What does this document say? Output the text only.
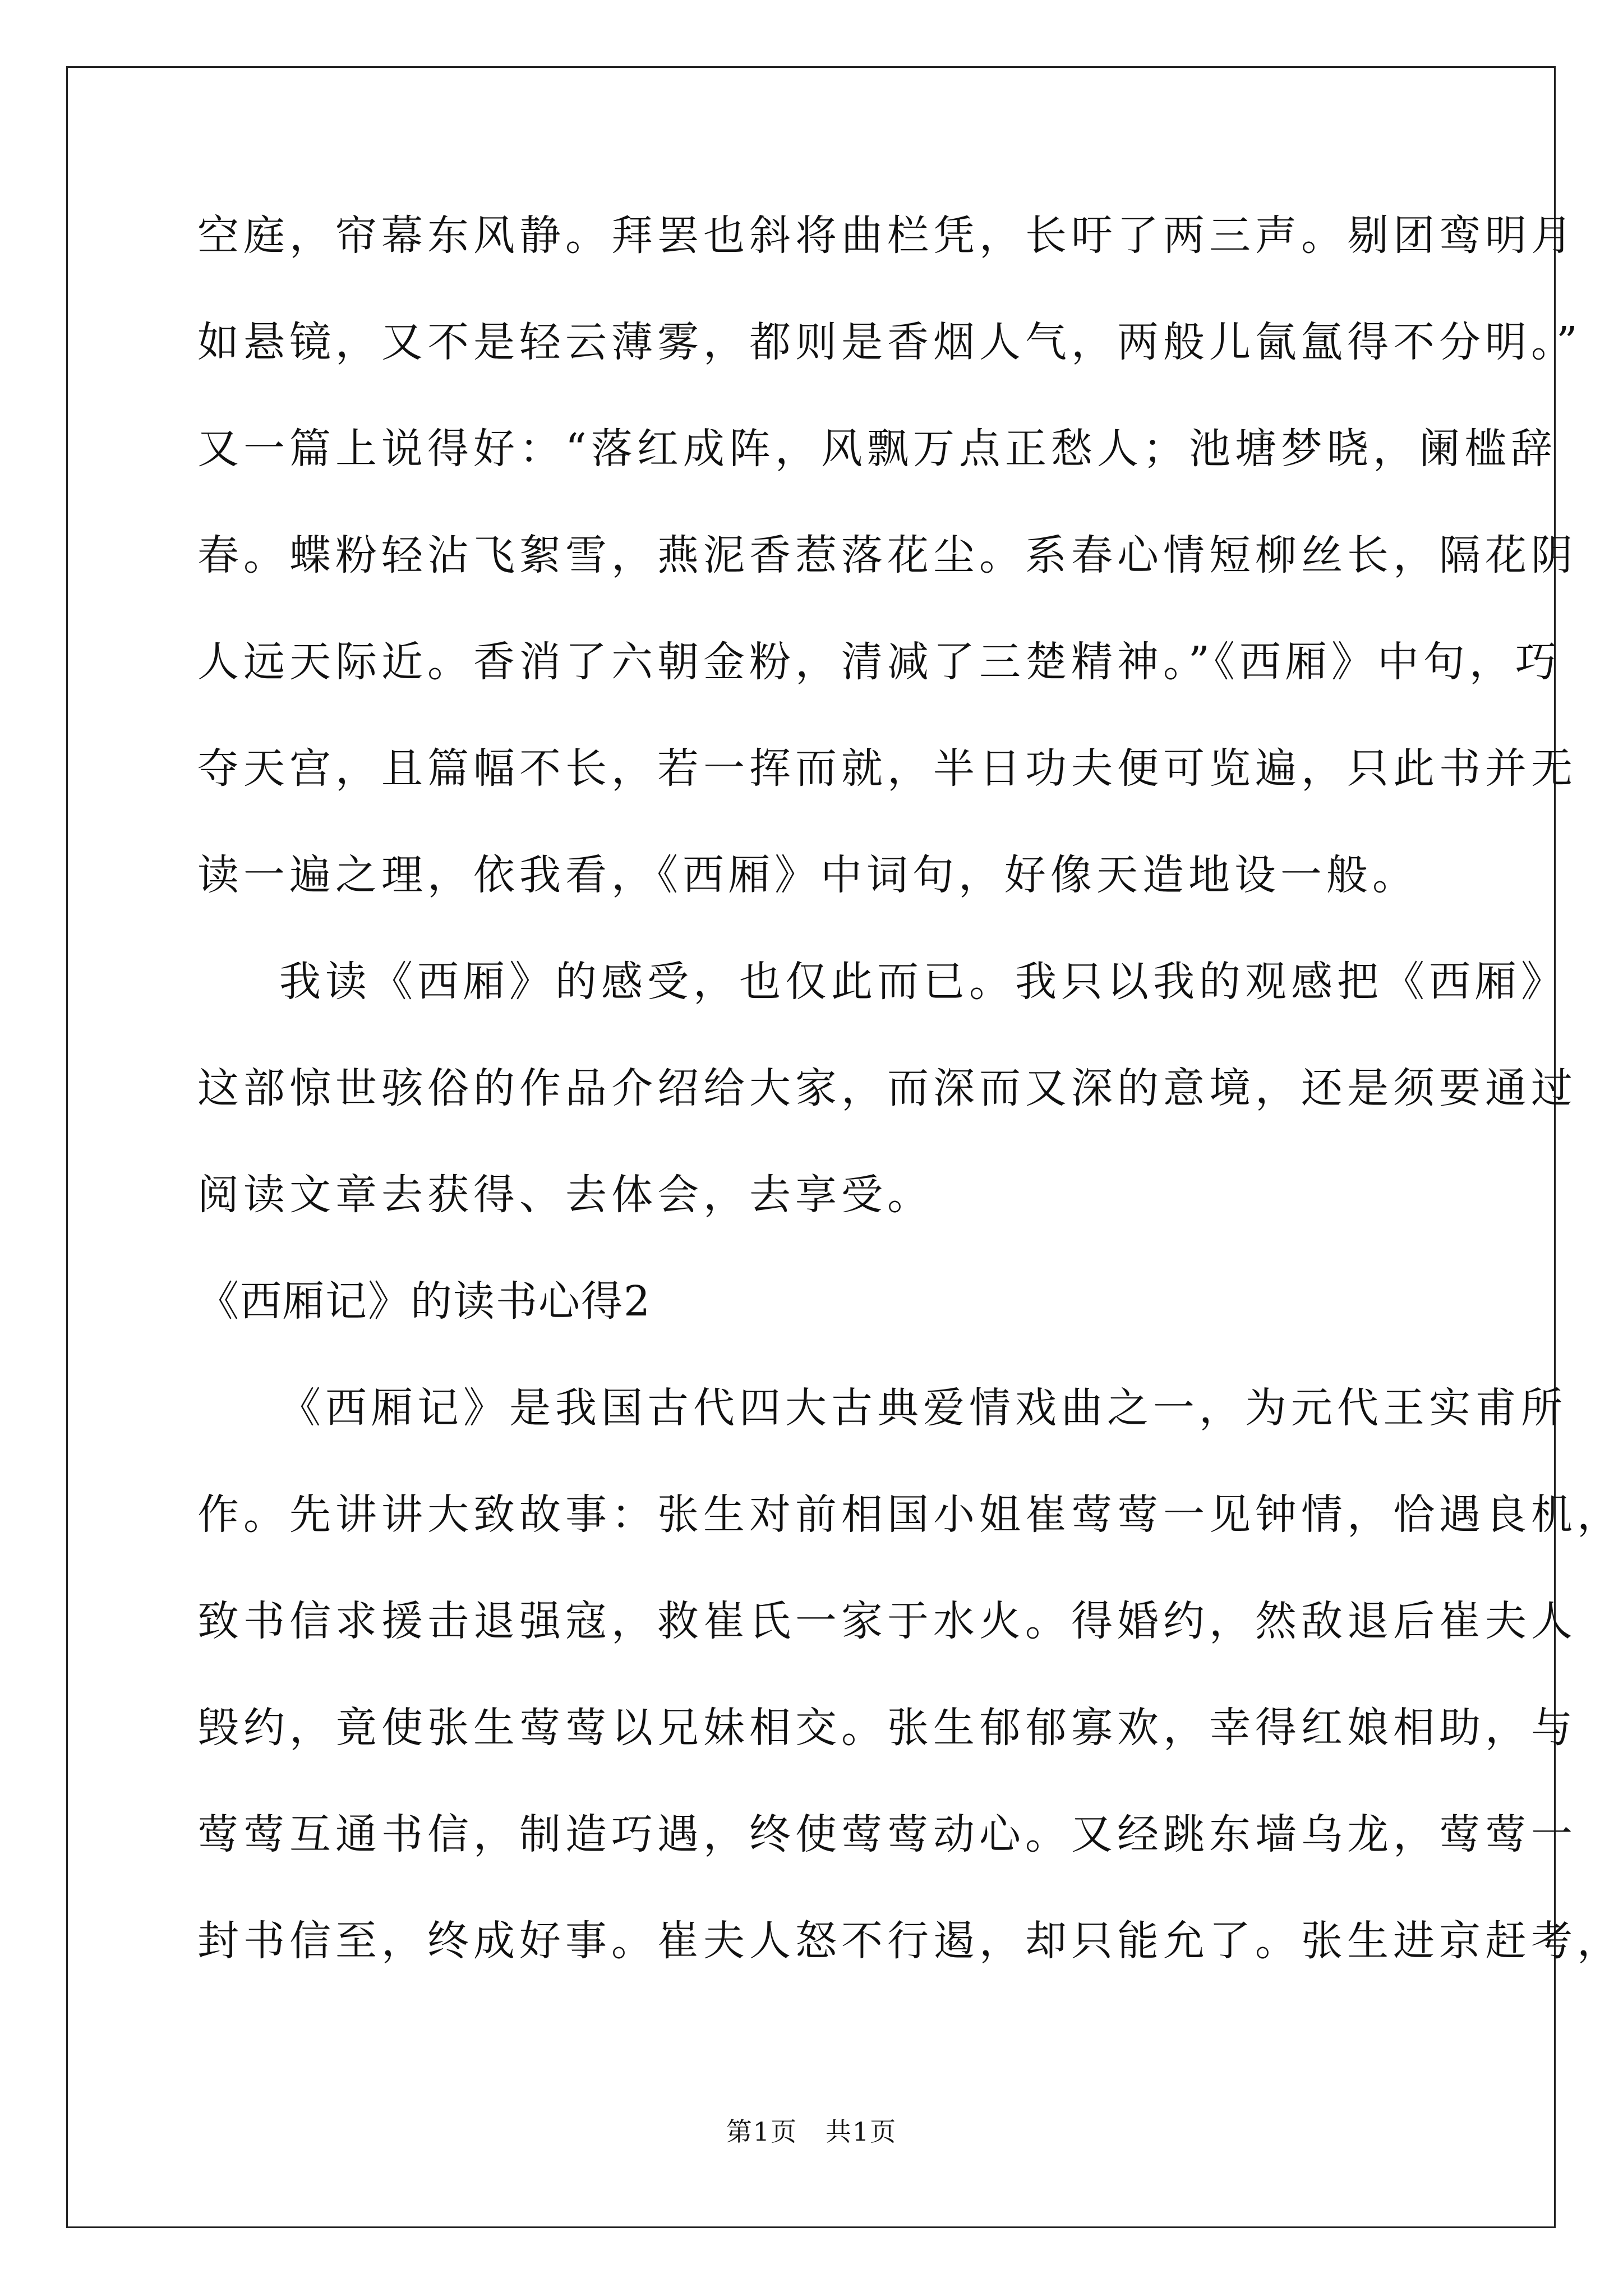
空庭，帘幕东风静。拜罢也斜将曲栏凭，长吁了两三声。剔团鸾明月
如悬镜，又不是轻云薄雾，都则是香烟人气，两般儿氤氲得不分明。”
又一篇上说得好：“落红成阵，风飘万点正愁人；池塘梦晓，阑槛辞
春。蝶粉轻沾飞絮雪，燕泥香惹落花尘。系春心情短柳丝长，隔花阴
人远天际近。香消了六朝金粉，清减了三楚精神。”《西厢》中句，巧
夺天宫，且篇幅不长，若一挥而就，半日功夫便可览遍，只此书并无
读一遍之理，依我看，《西厢》中词句，好像天造地设一般。
我读《西厢》的感受，也仅此而已。我只以我的观感把《西厢》
这部惊世骇俗的作品介绍给大家，而深而又深的意境，还是须要通过
阅读文章去获得、去体会，去享受。
《西厢记》的读书心得2
《西厢记》是我国古代四大古典爱情戏曲之一，为元代王实甫所
作。先讲讲大致故事：张生对前相国小姐崔莺莺一见钟情，恰遇良机，
致书信求援击退强寇，救崔氏一家于水火。得婚约，然敌退后崔夫人
毁约，竟使张生莺莺以兄妹相交。张生郁郁寡欢，幸得红娘相助，与
莺莺互通书信，制造巧遇，终使莺莺动心。又经跳东墙乌龙，莺莺一
封书信至，终成好事。崔夫人怒不行遏，却只能允了。张生进京赶考，
第1页   共1页
